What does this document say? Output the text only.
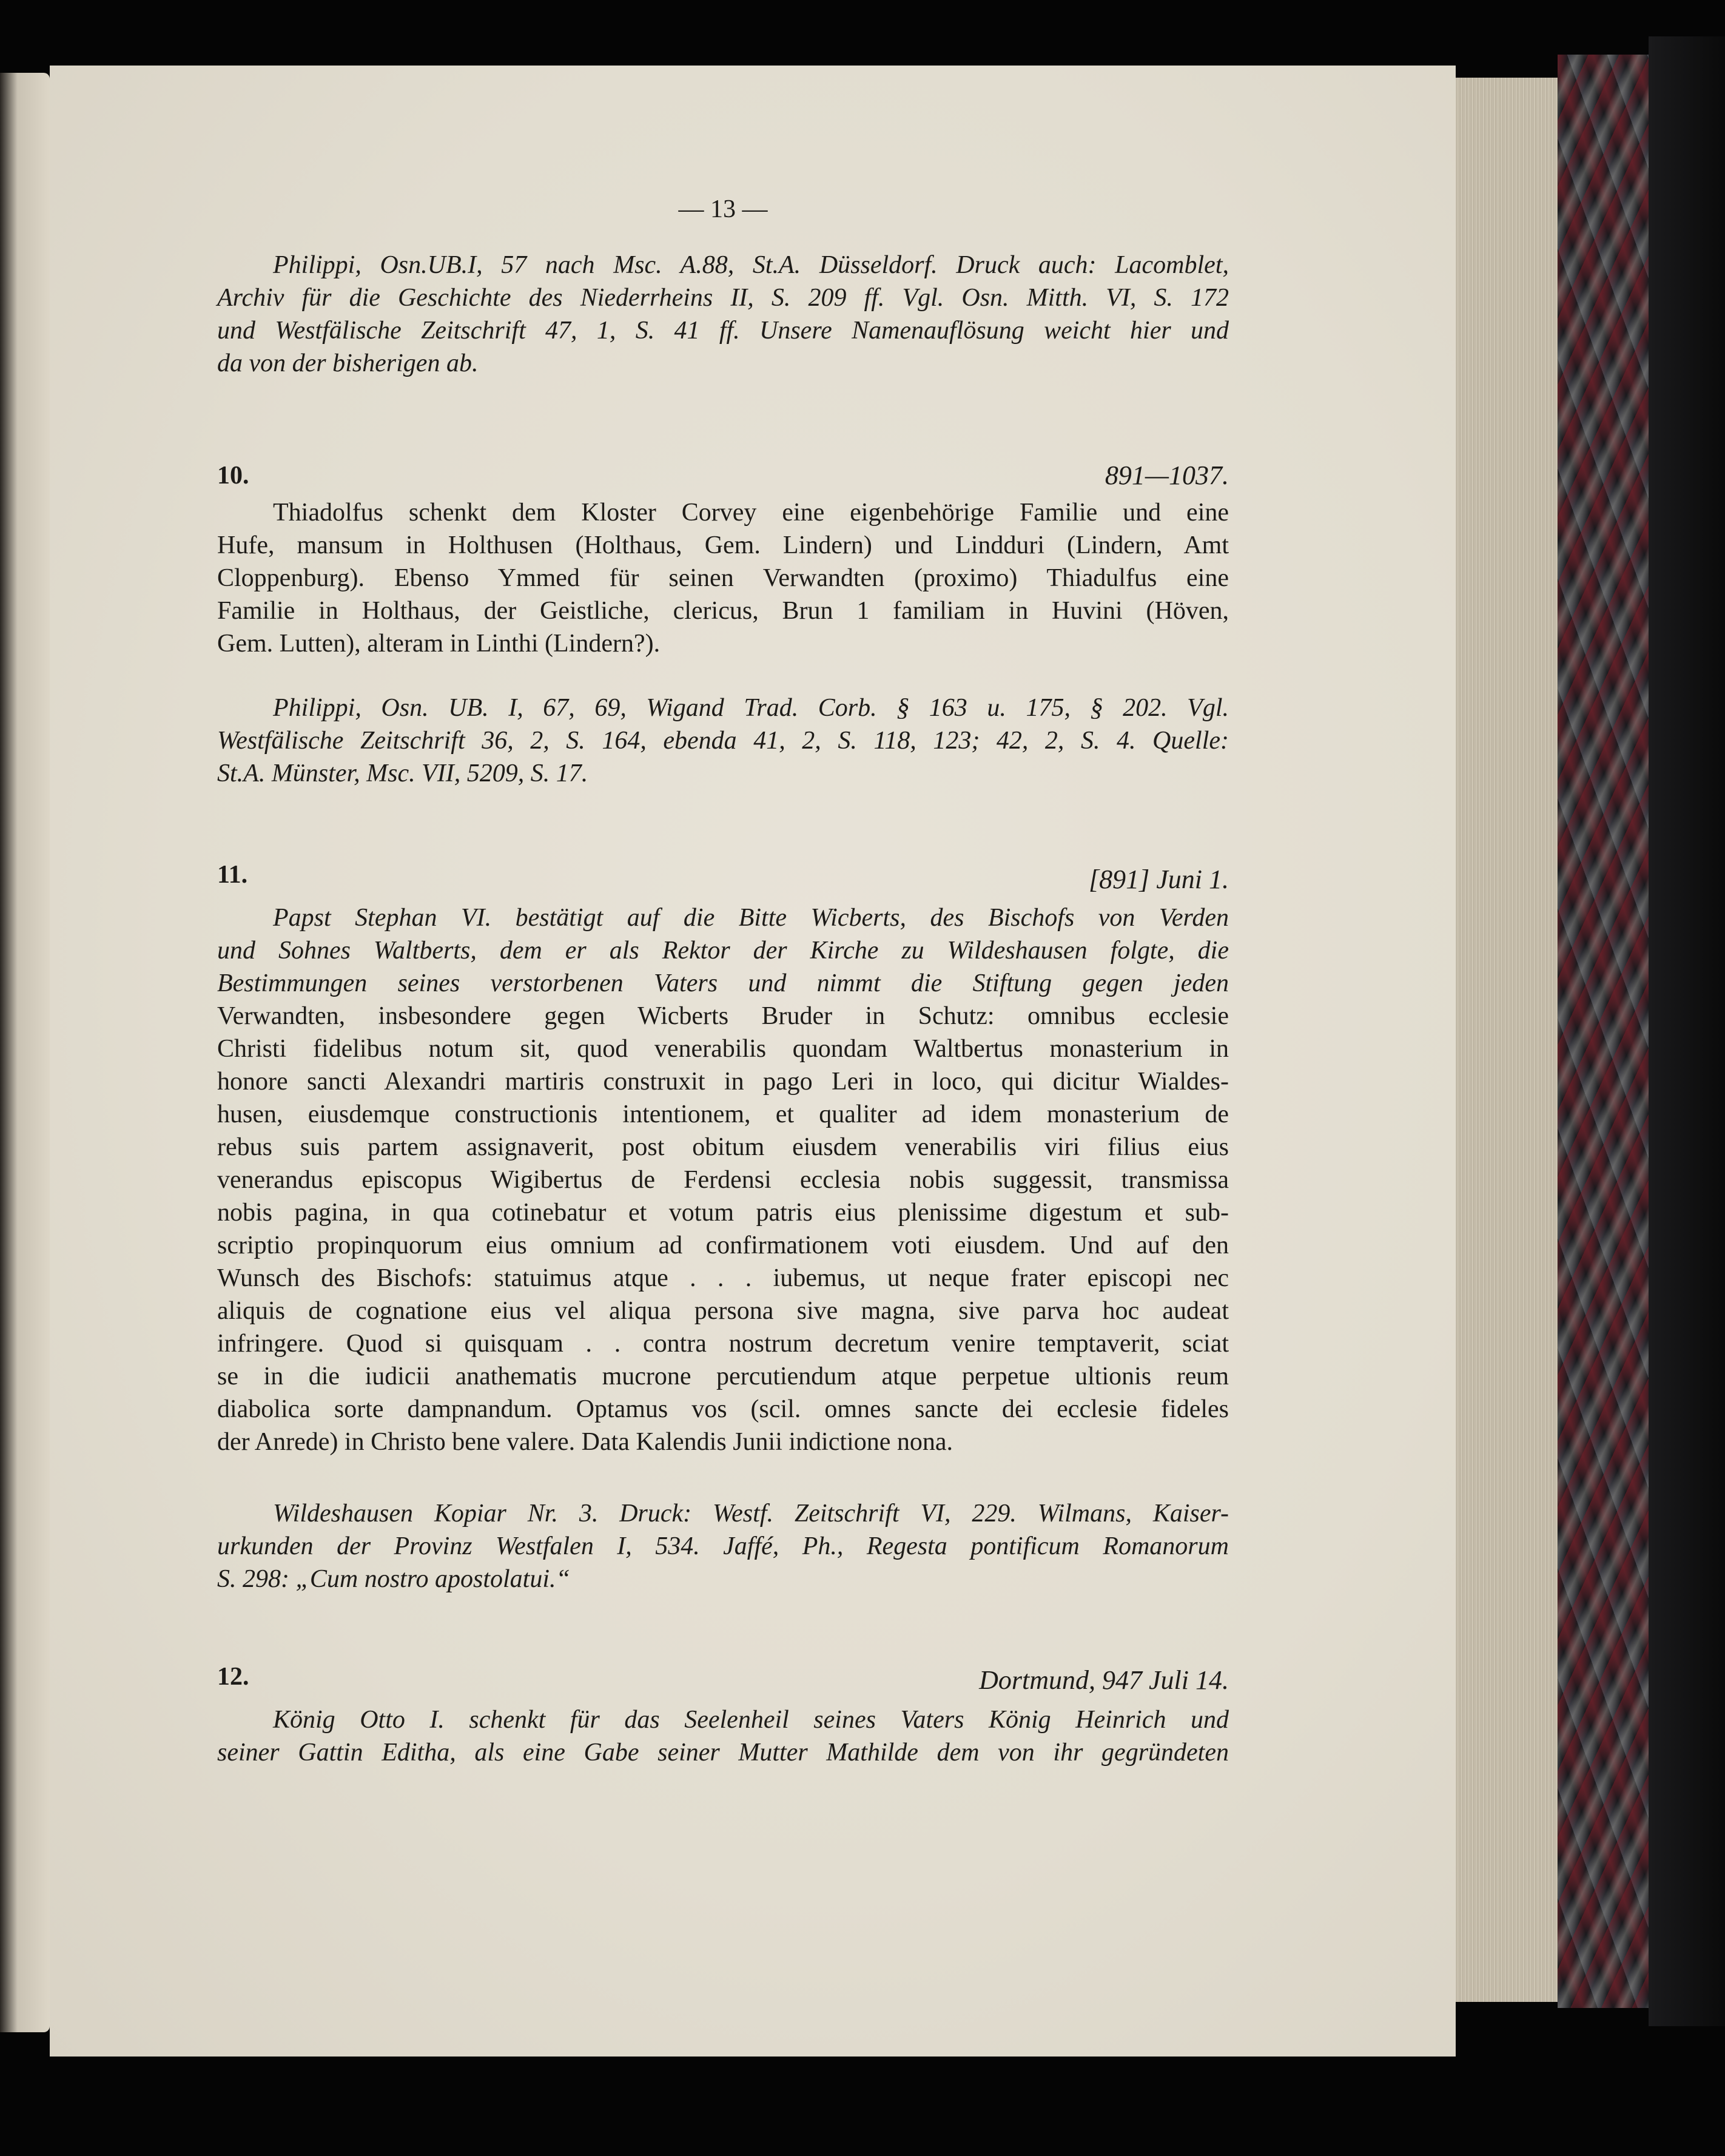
— 13 —
Philippi, Osn.UB.I, 57 nach Msc. A.88, St.A. Düsseldorf. Druck auch: Lacomblet,
Archiv für die Geschichte des Niederrheins II, S. 209 ff. Vgl. Osn. Mitth. VI, S. 172
und Westfälische Zeitschrift 47, 1, S. 41 ff. Unsere Namenauflösung weicht hier und
da von der bisherigen ab.
10.	891—1037.
Thiadolfus schenkt dem Kloster Corvey eine eigenbehörige Familie und eine
Hufe, mansum in Holthusen (Holthaus, Gem. Lindern) und Lindduri (Lindern, Amt
Cloppenburg). Ebenso Ymmed für seinen Verwandten (proximo) Thiadulfus eine
Familie in Holthaus, der Geistliche, clericus, Brun 1 familiam in Huvini (Höven,
Gem. Lutten), alteram in Linthi (Lindern?).
Philippi, Osn. UB. I, 67, 69, Wigand Trad. Corb. § 163 u. 175, § 202. Vgl.
Westfälische Zeitschrift 36, 2, S. 164, ebenda 41, 2, S. 118, 123; 42, 2, S. 4. Quelle:
St.A. Münster, Msc. VII, 5209, S. 17.
11.	[891] Juni 1.
Papst Stephan VI. bestätigt auf die Bitte Wicberts, des Bischofs von Verden
und Sohnes Waltberts, dem er als Rektor der Kirche zu Wildeshausen folgte, die
Bestimmungen seines verstorbenen Vaters und nimmt die Stiftung gegen jeden
Verwandten, insbesondere gegen Wicberts Bruder in Schutz: omnibus ecclesie
Christi fidelibus notum sit, quod venerabilis quondam Waltbertus monasterium in
honore sancti Alexandri martiris construxit in pago Leri in loco, qui dicitur Wialdes-
husen, eiusdemque constructionis intentionem, et qualiter ad idem monasterium de
rebus suis partem assignaverit, post obitum eiusdem venerabilis viri filius eius
venerandus episcopus Wigibertus de Ferdensi ecclesia nobis suggessit, transmissa
nobis pagina, in qua cotinebatur et votum patris eius plenissime digestum et sub-
scriptio propinquorum eius omnium ad confirmationem voti eiusdem. Und auf den
Wunsch des Bischofs: statuimus atque . . . iubemus, ut neque frater episcopi nec
aliquis de cognatione eius vel aliqua persona sive magna, sive parva hoc audeat
infringere. Quod si quisquam . . contra nostrum decretum venire temptaverit, sciat
se in die iudicii anathematis mucrone percutiendum atque perpetue ultionis reum
diabolica sorte dampnandum. Optamus vos (scil. omnes sancte dei ecclesie fideles
der Anrede) in Christo bene valere. Data Kalendis Junii indictione nona.
Wildeshausen Kopiar Nr. 3. Druck: Westf. Zeitschrift VI, 229. Wilmans, Kaiser-
urkunden der Provinz Westfalen I, 534. Jaffé, Ph., Regesta pontificum Romanorum
S. 298: „Cum nostro apostolatui.“
12.	Dortmund, 947 Juli 14.
König Otto I. schenkt für das Seelenheil seines Vaters König Heinrich und
seiner Gattin Editha, als eine Gabe seiner Mutter Mathilde dem von ihr gegründeten
